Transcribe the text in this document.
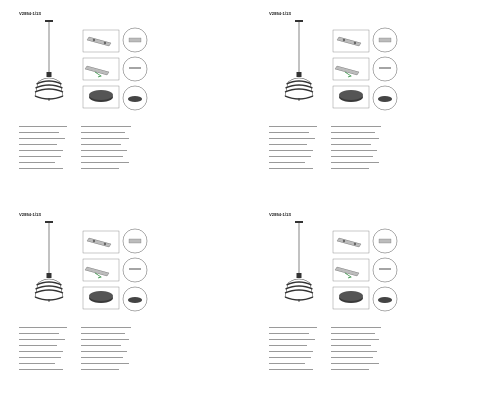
V2854-1/1S	V2854-1/1S
V2854-1/1S	V2854-1/1S
